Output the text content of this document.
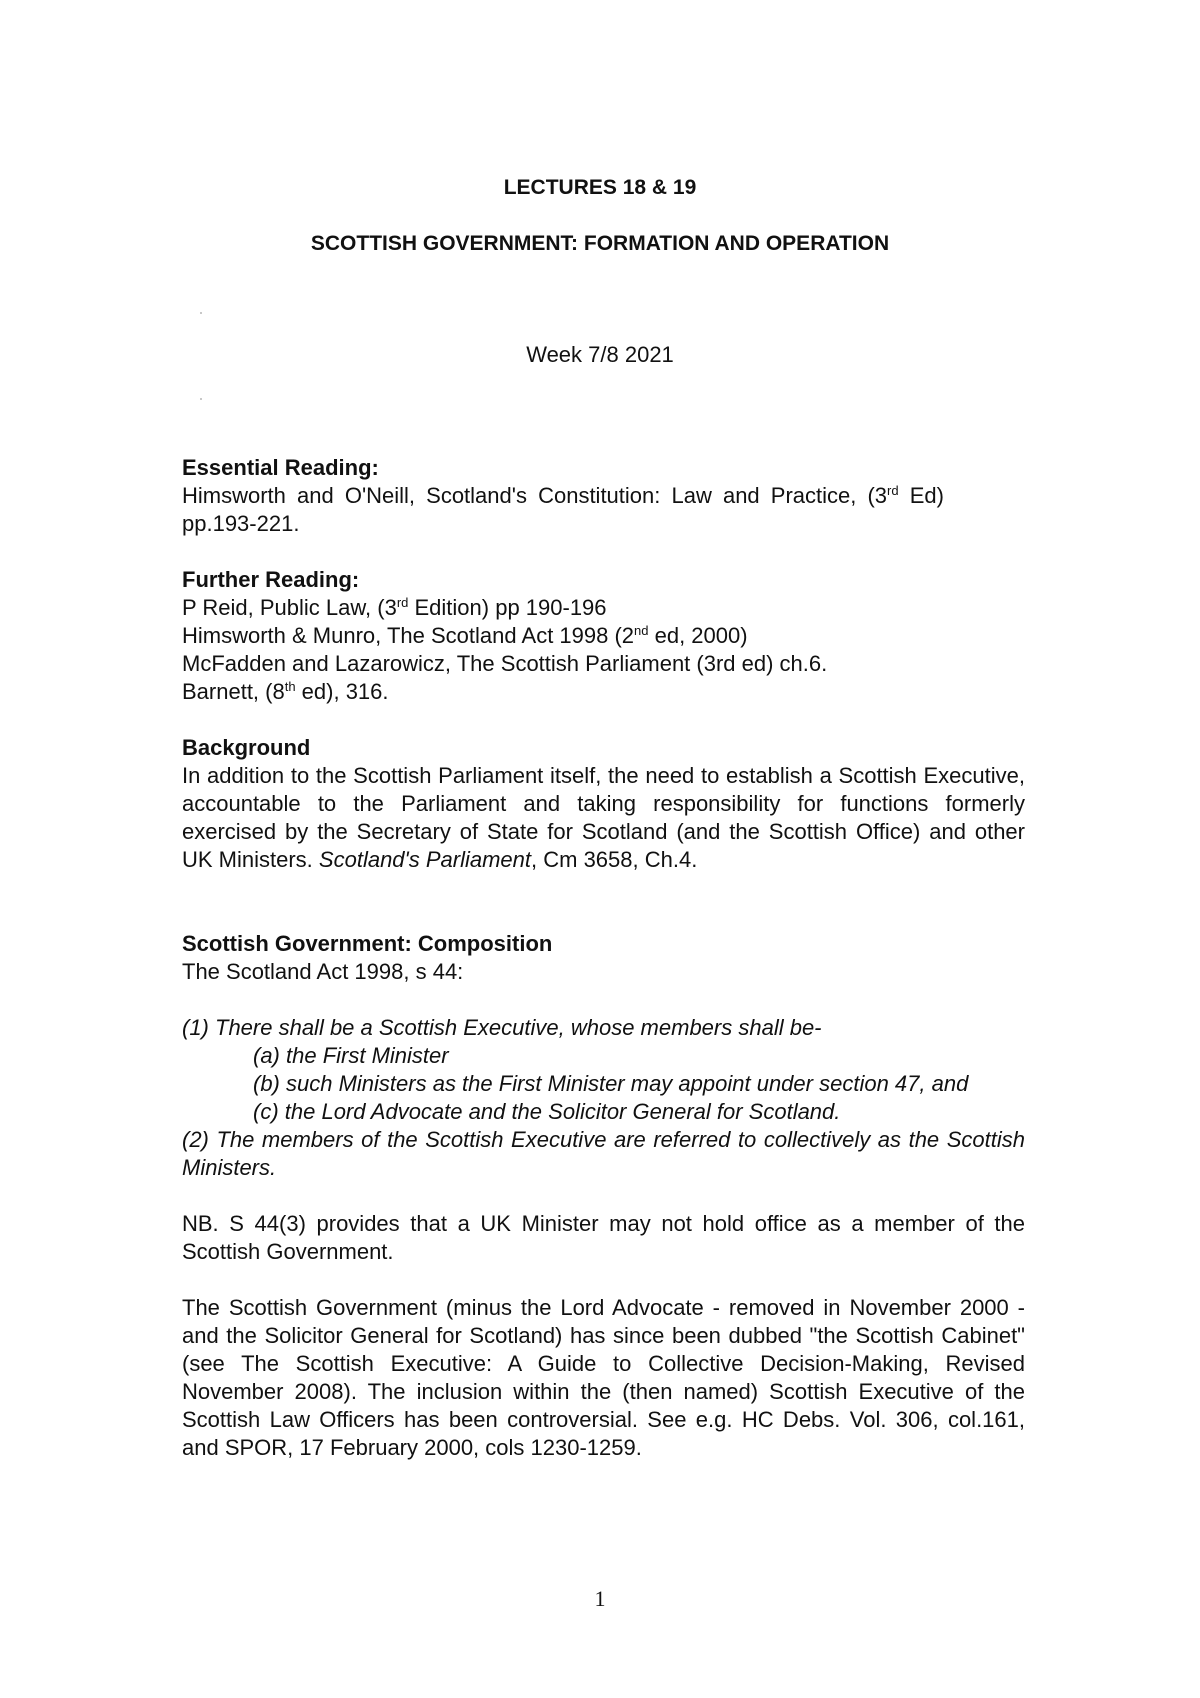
LECTURES 18 & 19
SCOTTISH GOVERNMENT: FORMATION AND OPERATION
Week 7/8 2021

Essential Reading:

Himsworth and O'Neill, Scotland's Constitution: Law and Practice, (3rd Ed)

pp.193-221.

Further Reading:

P Reid, Public Law, (3rd Edition) pp 190-196

Himsworth & Munro, The Scotland Act 1998 (2nd ed, 2000)

McFadden and Lazarowicz, The Scottish Parliament (3rd ed) ch.6.

Barnett, (8th ed), 316.

Background

In addition to the Scottish Parliament itself, the need to establish a Scottish Executive, accountable to the Parliament and taking responsibility for functions formerly exercised by the Secretary of State for Scotland (and the Scottish Office) and other UK Ministers. Scotland's Parliament, Cm 3658, Ch.4.

Scottish Government: Composition

The Scotland Act 1998, s 44:

(1) There shall be a Scottish Executive, whose members shall be-

(a) the First Minister

(b) such Ministers as the First Minister may appoint under section 47, and

(c) the Lord Advocate and the Solicitor General for Scotland.

(2) The members of the Scottish Executive are referred to collectively as the Scottish Ministers.

NB. S 44(3) provides that a UK Minister may not hold office as a member of the Scottish Government.

The Scottish Government (minus the Lord Advocate - removed in November 2000 - and the Solicitor General for Scotland) has since been dubbed "the Scottish Cabinet" (see The Scottish Executive: A Guide to Collective Decision-Making, Revised November 2008). The inclusion within the (then named) Scottish Executive of the Scottish Law Officers has been controversial. See e.g. HC Debs. Vol. 306, col.161, and SPOR, 17 February 2000, cols 1230-1259.

1
